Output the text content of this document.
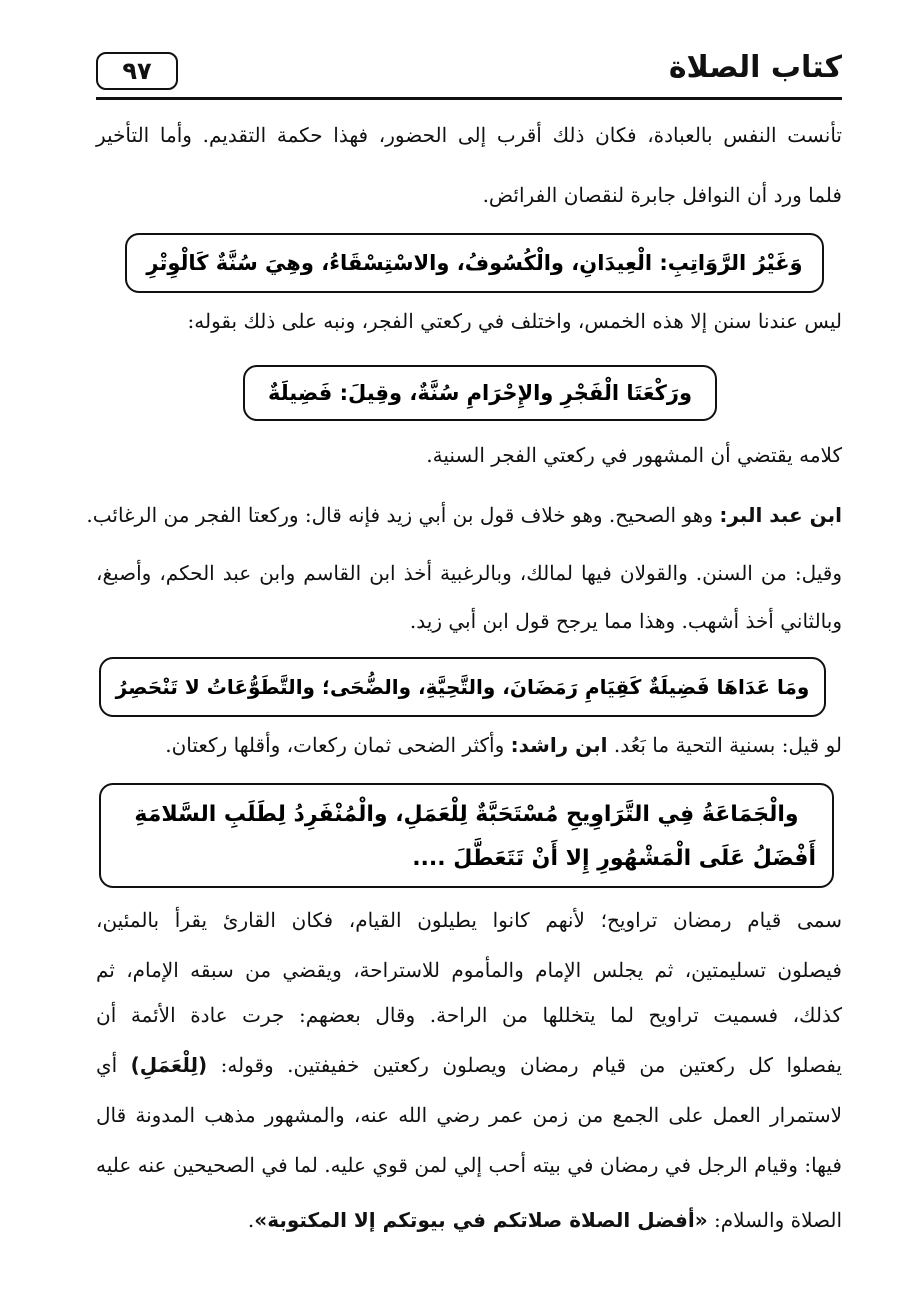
كتاب الصلاة
٩٧
تأنست النفس بالعبادة، فكان ذلك أقرب إلى الحضور، فهذا حكمة التقديم. وأما التأخير
فلما ورد أن النوافل جابرة لنقصان الفرائض.
وَغَيْرُ الرَّوَاتِبِ: الْعِيدَانِ، والْكُسُوفُ، والاسْتِسْقَاءُ، وهِيَ سُنَّةٌ كَالْوِتْرِ
ليس عندنا سنن إلا هذه الخمس، واختلف في ركعتي الفجر، ونبه على ذلك بقوله:
ورَكْعَتَا الْفَجْرِ والإِحْرَامِ سُنَّةٌ، وقِيلَ: فَضِيلَةٌ
كلامه يقتضي أن المشهور في ركعتي الفجر السنية.
ابن عبد البر: وهو الصحيح. وهو خلاف قول بن أبي زيد فإنه قال: وركعتا الفجر من الرغائب.
وقيل: من السنن. والقولان فيها لمالك، وبالرغبية أخذ ابن القاسم وابن عبد الحكم، وأصبغ،
وبالثاني أخذ أشهب. وهذا مما يرجح قول ابن أبي زيد.
ومَا عَدَاهَا فَضِيلَةٌ كَقِيَامِ رَمَضَانَ، والتَّحِيَّةِ، والضُّحَى؛ والتَّطَوُّعَاتُ لا تَنْحَصِرُ
لو قيل: بسنية التحية ما بَعُد. ابن راشد: وأكثر الضحى ثمان ركعات، وأقلها ركعتان.
والْجَمَاعَةُ فِي التَّرَاوِيحِ مُسْتَحَبَّةٌ لِلْعَمَلِ، والْمُنْفَرِدُ لِطَلَبِ السَّلامَةِ
أَفْضَلُ عَلَى الْمَشْهُورِ إِلا أَنْ تَتَعَطَّلَ ....
سمى قيام رمضان تراويح؛ لأنهم كانوا يطيلون القيام، فكان القارئ يقرأ بالمئين،
فيصلون تسليمتين، ثم يجلس الإمام والمأموم للاستراحة، ويقضي من سبقه الإمام، ثم
كذلك، فسميت تراويح لما يتخللها من الراحة. وقال بعضهم: جرت عادة الأئمة أن
يفصلوا كل ركعتين من قيام رمضان ويصلون ركعتين خفيفتين. وقوله: (لِلْعَمَلِ) أي
لاستمرار العمل على الجمع من زمن عمر رضي الله عنه، والمشهور مذهب المدونة قال
فيها: وقيام الرجل في رمضان في بيته أحب إلي لمن قوي عليه. لما في الصحيحين عنه عليه
الصلاة والسلام: «أفضل الصلاة صلاتكم في بيوتكم إلا المكتوبة».
